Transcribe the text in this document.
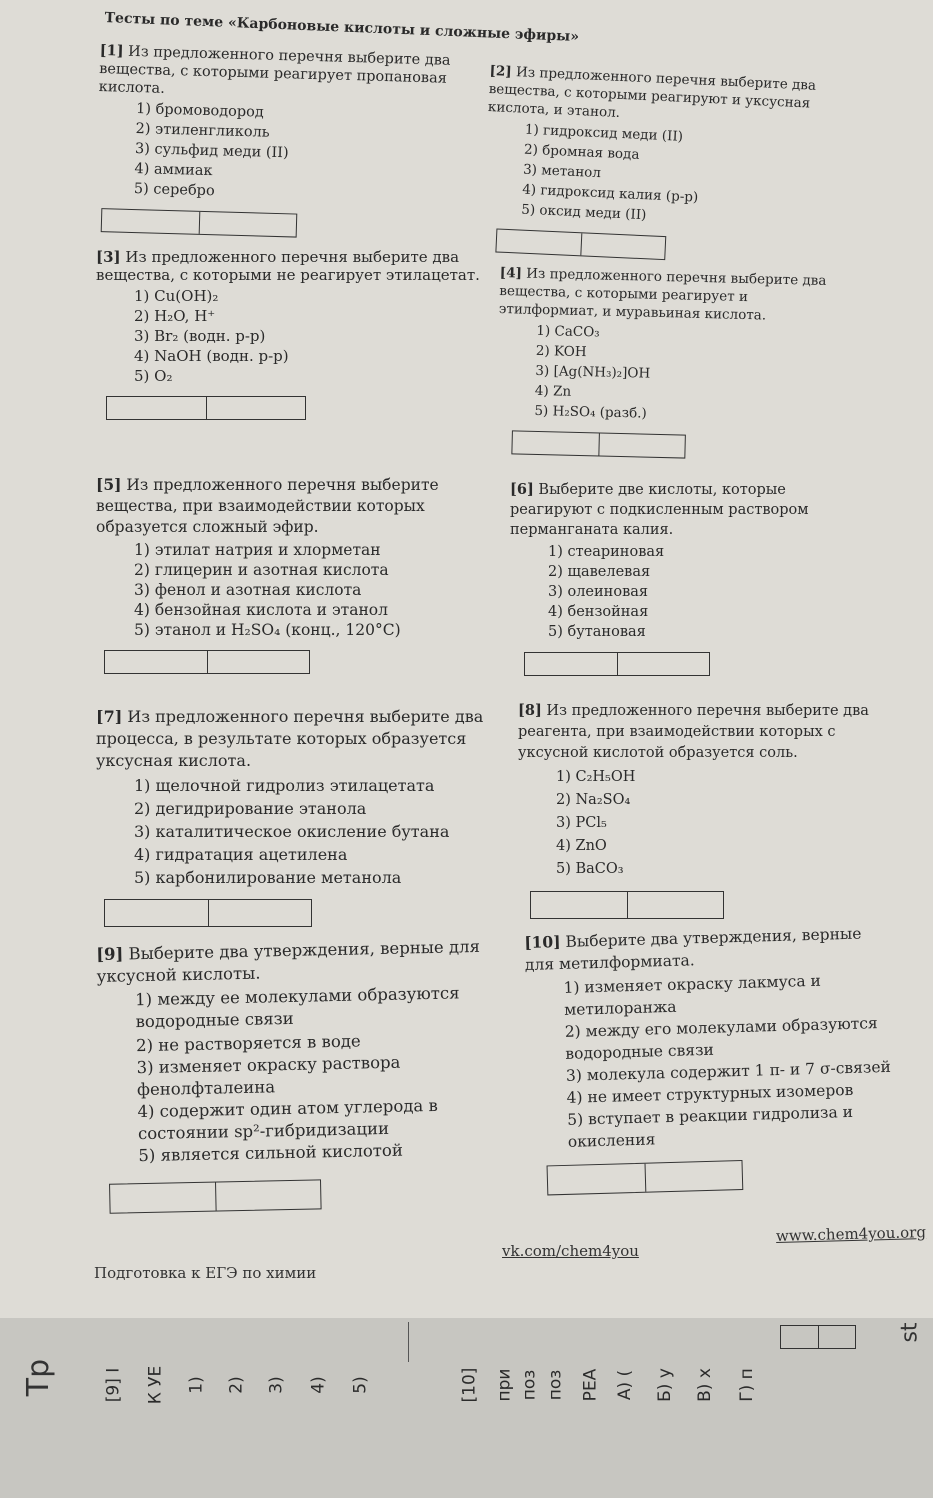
Тесты по теме «Карбоновые кислоты и сложные эфиры»

[1] Из предложенного перечня выберите два вещества, с которыми реагирует пропановая кислота.

1) бромоводород
2) этиленгликоль
3) сульфид меди (II)
4) аммиак
5) серебро

[2] Из предложенного перечня выберите два вещества, с которыми реагируют и уксусная кислота, и этанол.

1) гидроксид меди (II)
2) бромная вода
3) метанол
4) гидроксид калия (р-р)
5) оксид меди (II)

[3] Из предложенного перечня выберите два вещества, с которыми не реагирует этилацетат.

1) Cu(OH)₂
2) H₂O, H⁺
3) Br₂ (водн. р-р)
4) NaOH (водн. р-р)
5) O₂

[4] Из предложенного перечня выберите два вещества, с которыми реагирует и этилформиат, и муравьиная кислота.

1) CaCO₃
2) KOH
3) [Ag(NH₃)₂]OH
4) Zn
5) H₂SO₄ (разб.)

[5] Из предложенного перечня выберите вещества, при взаимодействии которых образуется сложный эфир.

1) этилат натрия и хлорметан
2) глицерин и азотная кислота
3) фенол и азотная кислота
4) бензойная кислота и этанол
5) этанол и H₂SO₄ (конц., 120°C)

[6] Выберите две кислоты, которые реагируют с подкисленным раствором перманганата калия.

1) стеариновая
2) щавелевая
3) олеиновая
4) бензойная
5) бутановая

[7] Из предложенного перечня выберите два процесса, в результате которых образуется уксусная кислота.

1) щелочной гидролиз этилацетата
2) дегидрирование этанола
3) каталитическое окисление бутана
4) гидратация ацетилена
5) карбонилирование метанола

[8] Из предложенного перечня выберите два реагента, при взаимодействии которых с уксусной кислотой образуется соль.

1) C₂H₅OH
2) Na₂SO₄
3) PCl₅
4) ZnO
5) BaCO₃

[9] Выберите два утверждения, верные для уксусной кислоты.

1) между ее молекулами образуются водородные связи
2) не растворяется в воде
3) изменяет окраску раствора фенолфталеина
4) содержит один атом углерода в состоянии sp²-гибридизации
5) является сильной кислотой

[10] Выберите два утверждения, верные для метилформиата.

1) изменяет окраску лакмуса и метилоранжа
2) между его молекулами образуются водородные связи
3) молекула содержит 1 π- и 7 σ-связей
4) не имеет структурных изомеров
5) вступает в реакции гидролиза и окисления
Подготовка к ЕГЭ по химии
vk.com/chem4you
www.chem4you.org
Тр	[9] I К УЕ 1) 2) 3) 4) 5)	[10] при поз поз РЕА А) ( Б) у В) х Г) п
st
